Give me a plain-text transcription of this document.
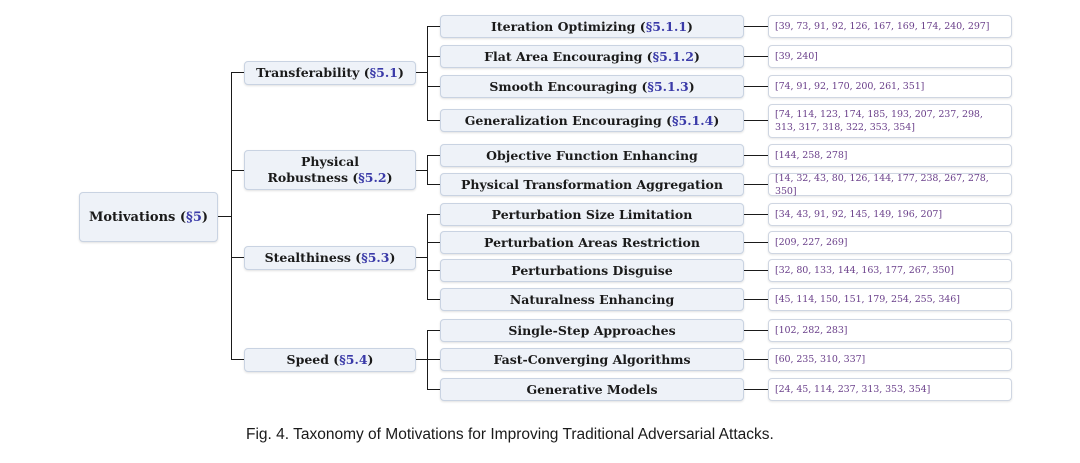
Motivations (§5)
Transferability (§5.1)
Physical Robustness (§5.2)
Stealthiness (§5.3)
Speed (§5.4)
Iteration Optimizing (§5.1.1)
Flat Area Encouraging (§5.1.2)
Smooth Encouraging (§5.1.3)
Generalization Encouraging (§5.1.4)
Objective Function Enhancing
Physical Transformation Aggregation
Perturbation Size Limitation
Perturbation Areas Restriction
Perturbations Disguise
Naturalness Enhancing
Single-Step Approaches
Fast-Converging Algorithms
Generative Models
[39, 73, 91, 92, 126, 167, 169, 174, 240, 297]
[39, 240]
[74, 91, 92, 170, 200, 261, 351]
[74, 114, 123, 174, 185, 193, 207, 237, 298, 313, 317, 318, 322, 353, 354]
[144, 258, 278]
[14, 32, 43, 80, 126, 144, 177, 238, 267, 278, 350]
[34, 43, 91, 92, 145, 149, 196, 207]
[209, 227, 269]
[32, 80, 133, 144, 163, 177, 267, 350]
[45, 114, 150, 151, 179, 254, 255, 346]
[102, 282, 283]
[60, 235, 310, 337]
[24, 45, 114, 237, 313, 353, 354]
Fig. 4. Taxonomy of Motivations for Improving Traditional Adversarial Attacks.
